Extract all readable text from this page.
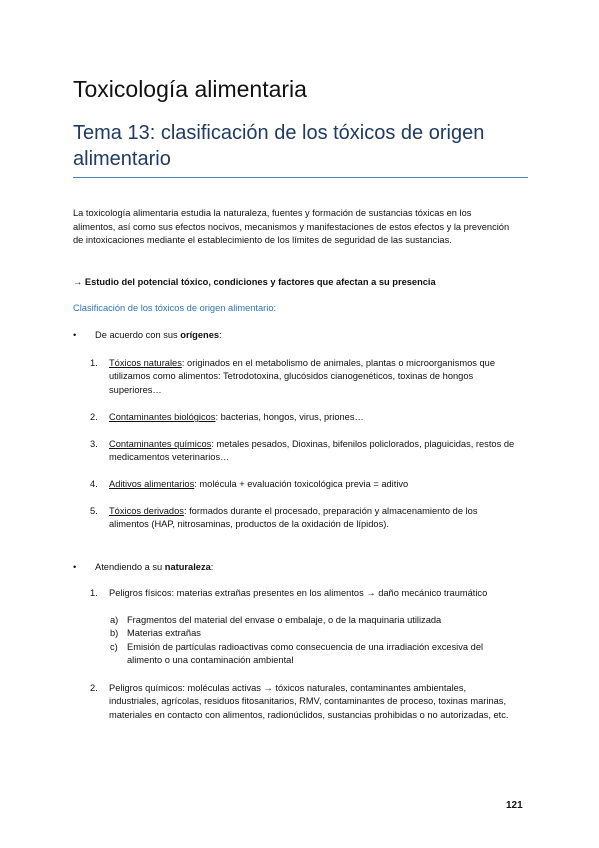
Toxicología alimentaria
Tema 13: clasificación de los tóxicos de origen alimentario
La toxicología alimentaria estudia la naturaleza, fuentes y formación de sustancias tóxicas en los alimentos, así como sus efectos nocivos, mecanismos y manifestaciones de estos efectos y la prevención de intoxicaciones mediante el establecimiento de los límites de seguridad de las sustancias.
→ Estudio del potencial tóxico, condiciones y factores que afectan a su presencia
Clasificación de los tóxicos de origen alimentario:
• De acuerdo con sus orígenes:
1. Tóxicos naturales: originados en el metabolismo de animales, plantas o microorganismos que utilizamos como alimentos: Tetrodotoxina, glucósidos cianogenéticos, toxinas de hongos superiores…
2. Contaminantes biológicos: bacterias, hongos, virus, priones…
3. Contaminantes químicos: metales pesados, Dioxinas, bifenilos policlorados, plaguicidas, restos de medicamentos veterinarios…
4. Aditivos alimentarios: molécula + evaluación toxicológica previa = aditivo
5. Tóxicos derivados: formados durante el procesado, preparación y almacenamiento de los alimentos (HAP, nitrosaminas, productos de la oxidación de lípidos).
• Atendiendo a su naturaleza:
1. Peligros físicos: materias extrañas presentes en los alimentos → daño mecánico traumático
a) Fragmentos del material del envase o embalaje, o de la maquinaria utilizada
b) Materias extrañas
c) Emisión de partículas radioactivas como consecuencia de una irradiación excesiva del alimento o una contaminación ambiental
2. Peligros químicos: moléculas activas → tóxicos naturales, contaminantes ambientales, industriales, agrícolas, residuos fitosanitarios, RMV, contaminantes de proceso, toxinas marinas, materiales en contacto con alimentos, radionúclidos, sustancias prohibidas o no autorizadas, etc.
121
